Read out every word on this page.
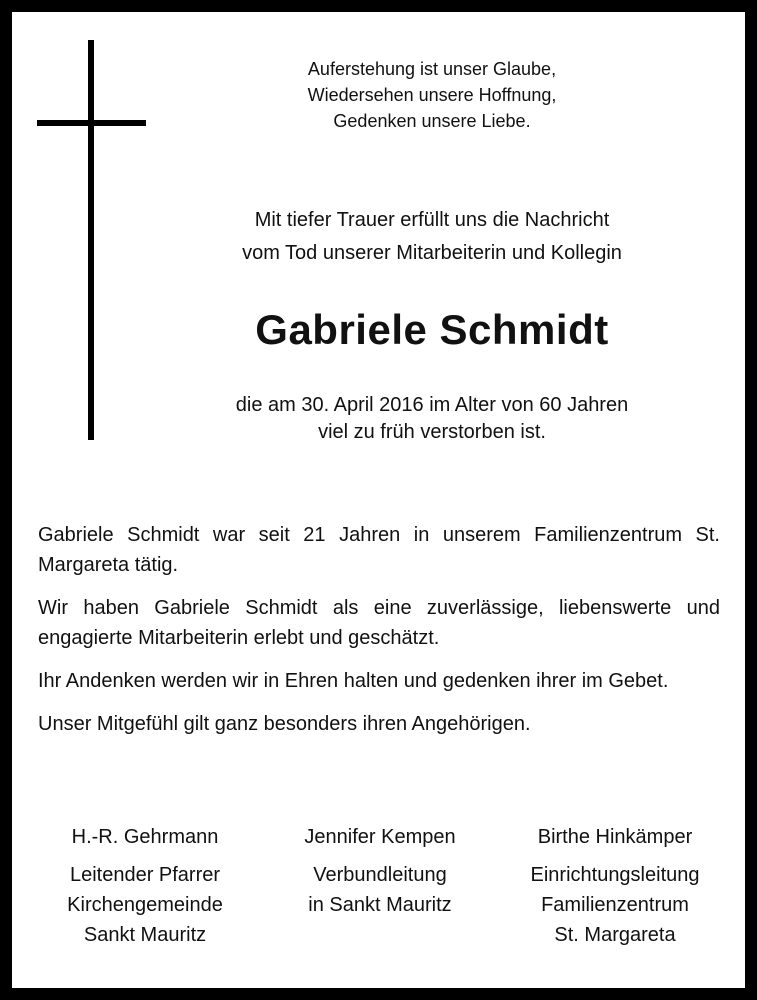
Auferstehung ist unser Glaube,
Wiedersehen unsere Hoffnung,
Gedenken unsere Liebe.
Mit tiefer Trauer erfüllt uns die Nachricht
vom Tod unserer Mitarbeiterin und Kollegin
Gabriele Schmidt
die am 30. April 2016 im Alter von 60 Jahren
viel zu früh verstorben ist.

Gabriele Schmidt war seit 21 Jahren in unserem Familienzentrum St. Margareta tätig.

Wir haben Gabriele Schmidt als eine zuverlässige, liebenswerte und engagierte Mitarbeiterin erlebt und geschätzt.

Ihr Andenken werden wir in Ehren halten und gedenken ihrer im Gebet.

Unser Mitgefühl gilt ganz besonders ihren Angehörigen.

H.-R. Gehrmann
Leitender Pfarrer
Kirchengemeinde
Sankt Mauritz
Jennifer Kempen
Verbundleitung
in Sankt Mauritz
Birthe Hinkämper
Einrichtungsleitung
Familienzentrum
St. Margareta
